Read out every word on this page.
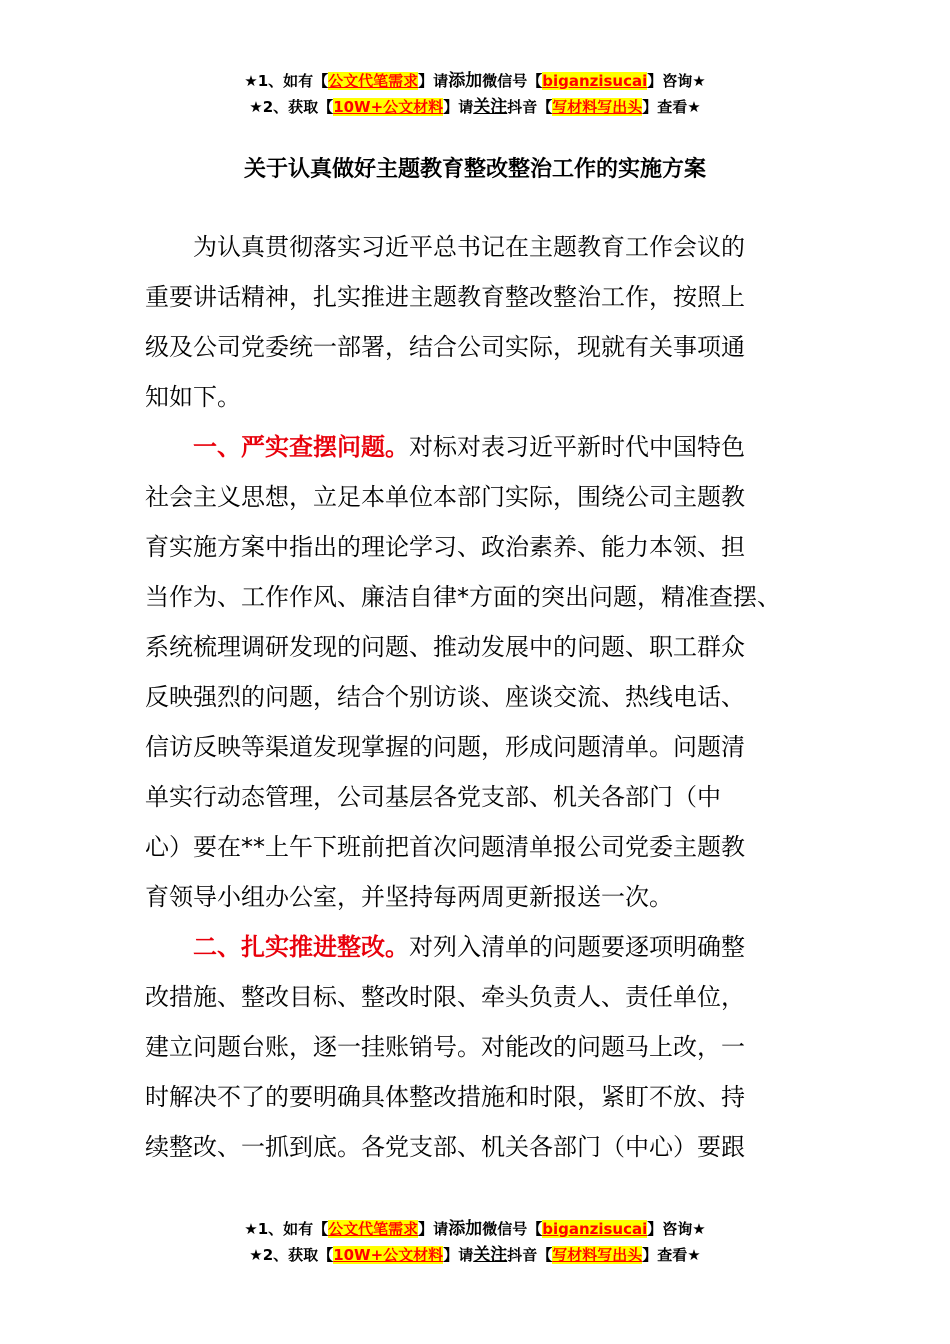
★1、如有【公文代笔需求】请添加微信号【biganzisucai】咨询★
★2、获取【10W+公文材料】请关注抖音【写材料写出头】查看★
关于认真做好主题教育整改整治工作的实施方案

为认真贯彻落实习近平总书记在主题教育工作会议的
重要讲话精神，扎实推进主题教育整改整治工作，按照上
级及公司党委统一部署，结合公司实际，现就有关事项通
知如下。

一、严实查摆问题。对标对表习近平新时代中国特色
社会主义思想，立足本单位本部门实际，围绕公司主题教
育实施方案中指出的理论学习、政治素养、能力本领、担
当作为、工作作风、廉洁自律*方面的突出问题，精准查摆、
系统梳理调研发现的问题、推动发展中的问题、职工群众
反映强烈的问题，结合个别访谈、座谈交流、热线电话、
信访反映等渠道发现掌握的问题，形成问题清单。问题清
单实行动态管理，公司基层各党支部、机关各部门（中
心）要在**上午下班前把首次问题清单报公司党委主题教
育领导小组办公室，并坚持每两周更新报送一次。

二、扎实推进整改。对列入清单的问题要逐项明确整
改措施、整改目标、整改时限、牵头负责人、责任单位，
建立问题台账，逐一挂账销号。对能改的问题马上改，一
时解决不了的要明确具体整改措施和时限，紧盯不放、持
续整改、一抓到底。各党支部、机关各部门（中心）要跟

★1、如有【公文代笔需求】请添加微信号【biganzisucai】咨询★
★2、获取【10W+公文材料】请关注抖音【写材料写出头】查看★
